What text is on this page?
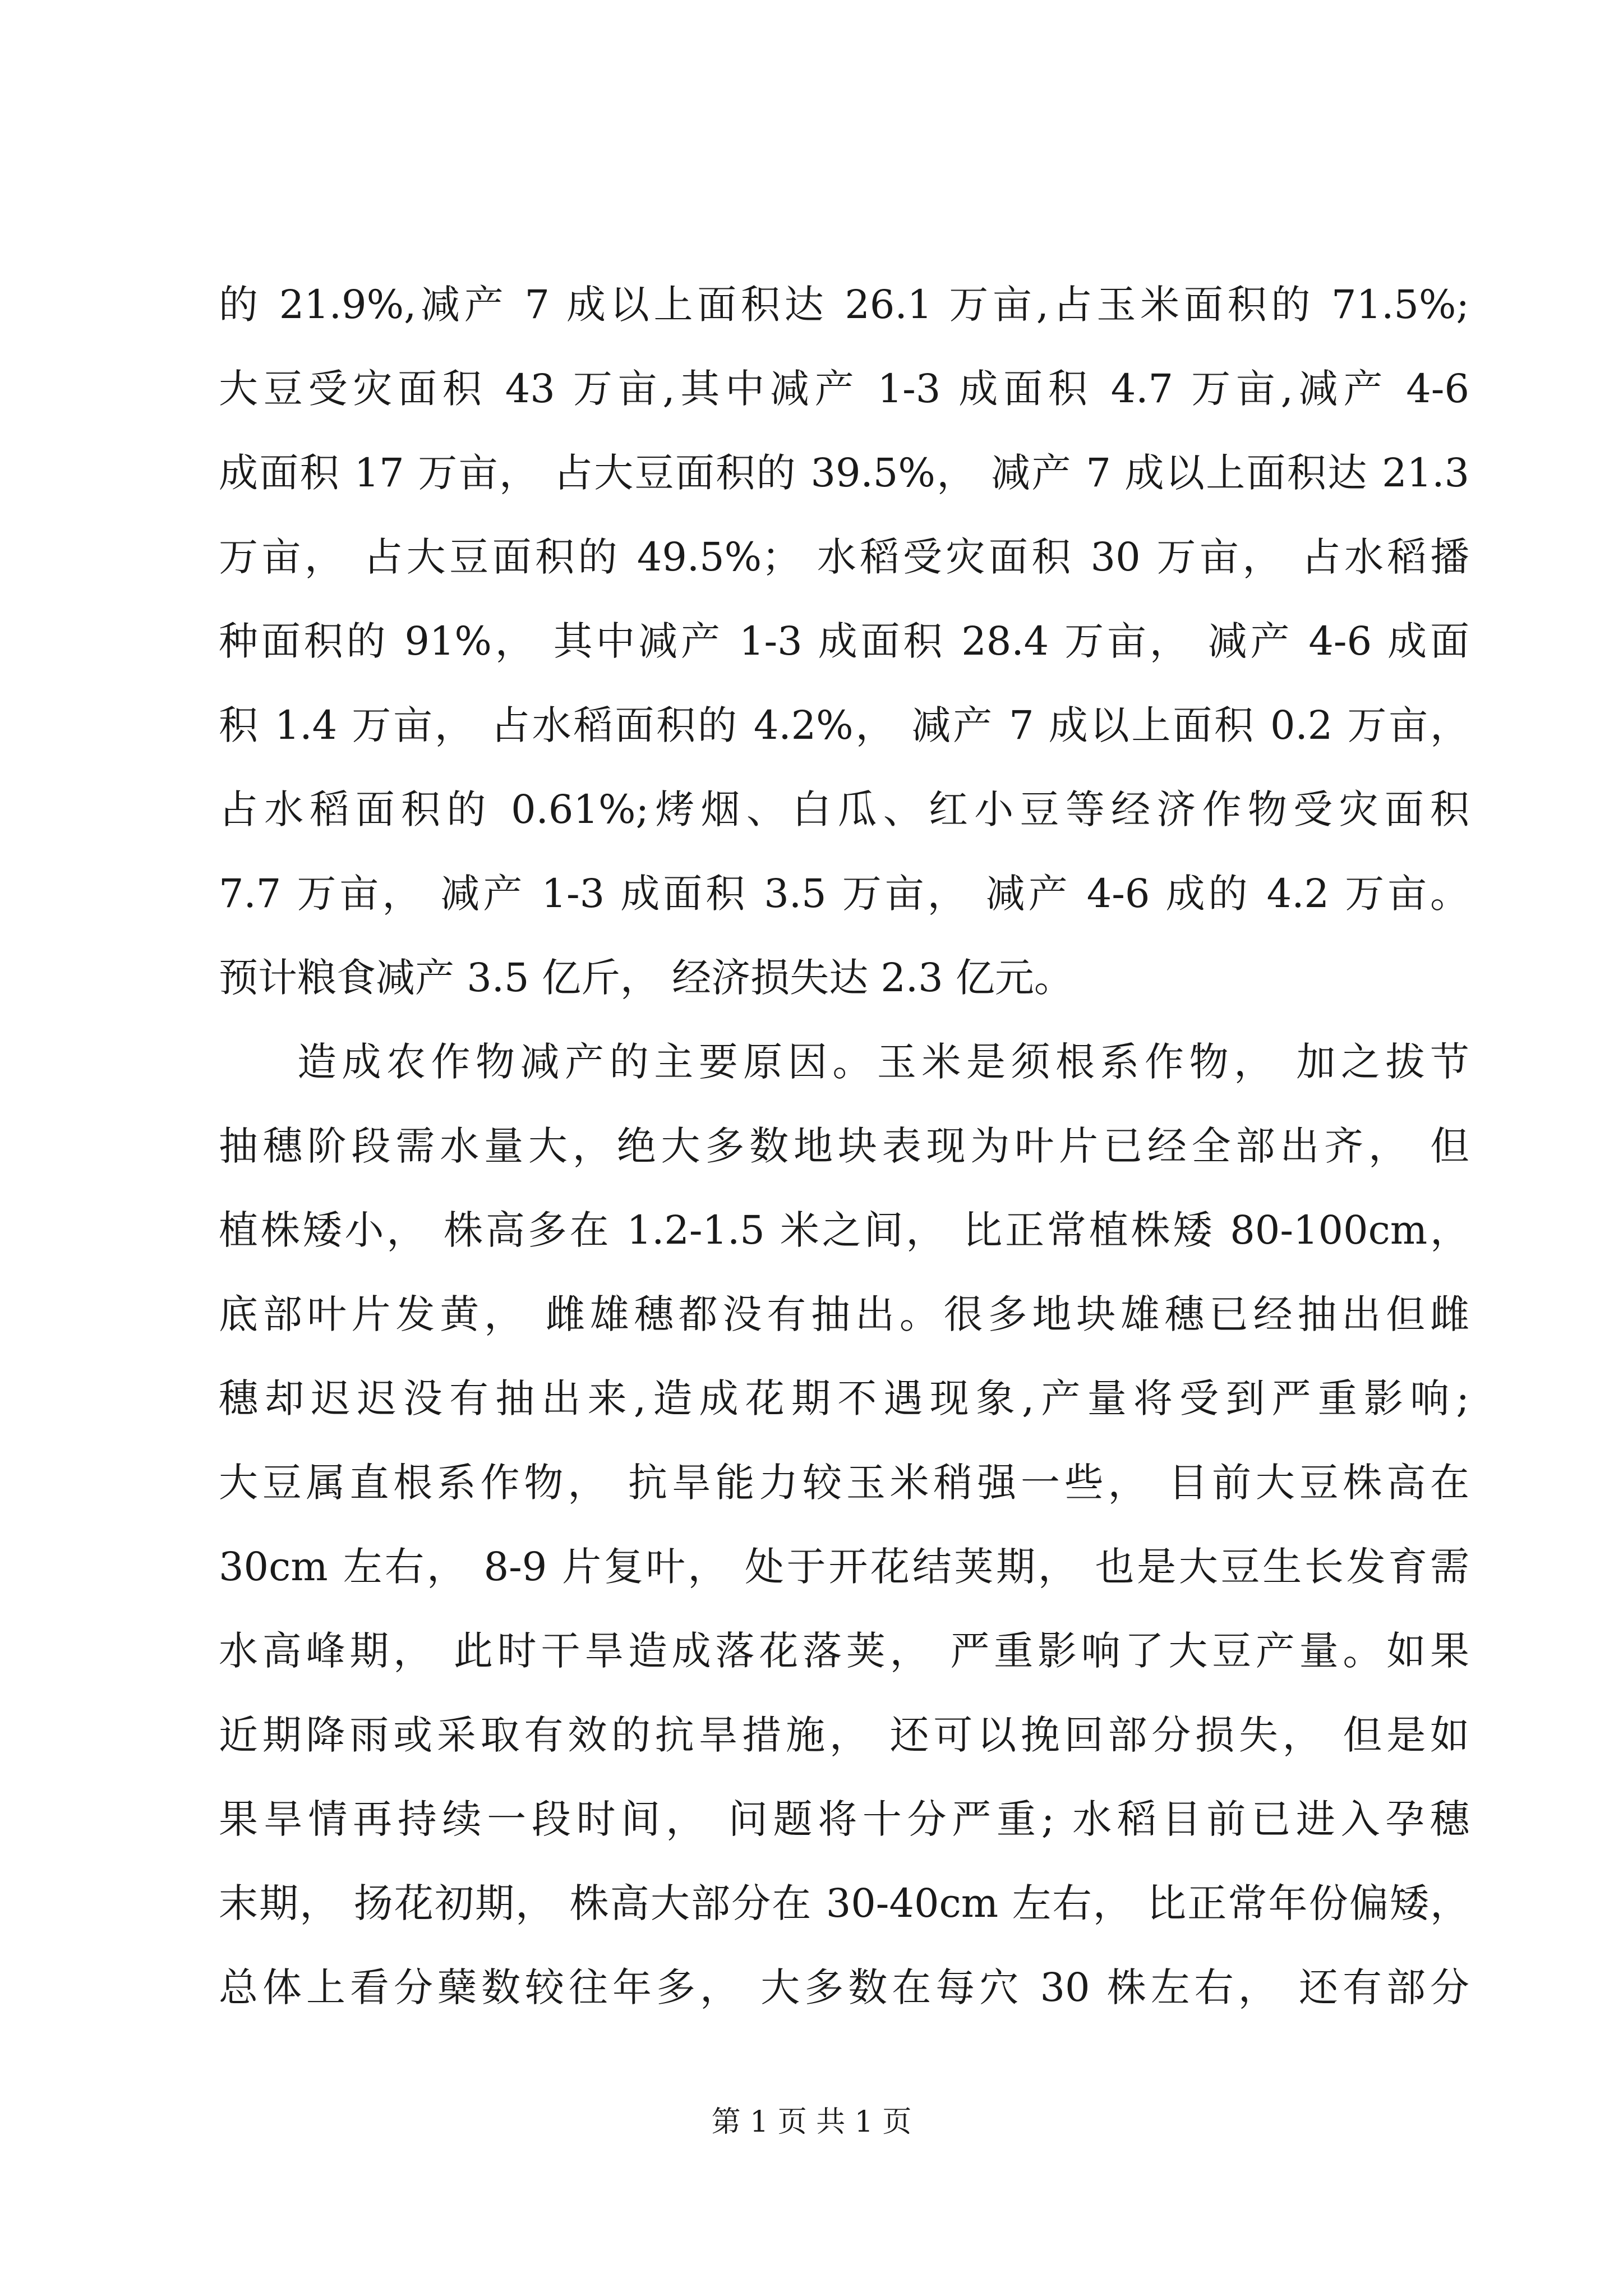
的 21.9%,减产 7 成以上面积达 26.1 万亩,占玉米面积的 71.5%;
大豆受灾面积 43 万亩,其中减产 1-3 成面积 4.7 万亩,减产 4-6
成面积 17 万亩， 占大豆面积的 39.5%， 减产 7 成以上面积达 21.3
万亩， 占大豆面积的 49.5%； 水稻受灾面积 30 万亩， 占水稻播
种面积的 91%， 其中减产 1-3 成面积 28.4 万亩， 减产 4-6 成面
积 1.4 万亩， 占水稻面积的 4.2%， 减产 7 成以上面积 0.2 万亩，
占水稻面积的 0.61%;烤烟、白瓜、红小豆等经济作物受灾面积
7.7 万亩， 减产 1-3 成面积 3.5 万亩， 减产 4-6 成的 4.2 万亩。
预计粮食减产 3.5 亿斤， 经济损失达 2.3 亿元。
造成农作物减产的主要原因。玉米是须根系作物， 加之拔节
抽穗阶段需水量大，绝大多数地块表现为叶片已经全部出齐， 但
植株矮小， 株高多在 1.2-1.5 米之间， 比正常植株矮 80-100cm，
底部叶片发黄， 雌雄穗都没有抽出。很多地块雄穗已经抽出但雌
穗却迟迟没有抽出来,造成花期不遇现象,产量将受到严重影响;
大豆属直根系作物， 抗旱能力较玉米稍强一些， 目前大豆株高在
30cm 左右， 8-9 片复叶， 处于开花结荚期， 也是大豆生长发育需
水高峰期， 此时干旱造成落花落荚， 严重影响了大豆产量。如果
近期降雨或采取有效的抗旱措施， 还可以挽回部分损失， 但是如
果旱情再持续一段时间， 问题将十分严重; 水稻目前已进入孕穗
末期， 扬花初期， 株高大部分在 30-40cm 左右， 比正常年份偏矮，
总体上看分蘖数较往年多， 大多数在每穴 30 株左右， 还有部分
第 1 页 共 1 页
